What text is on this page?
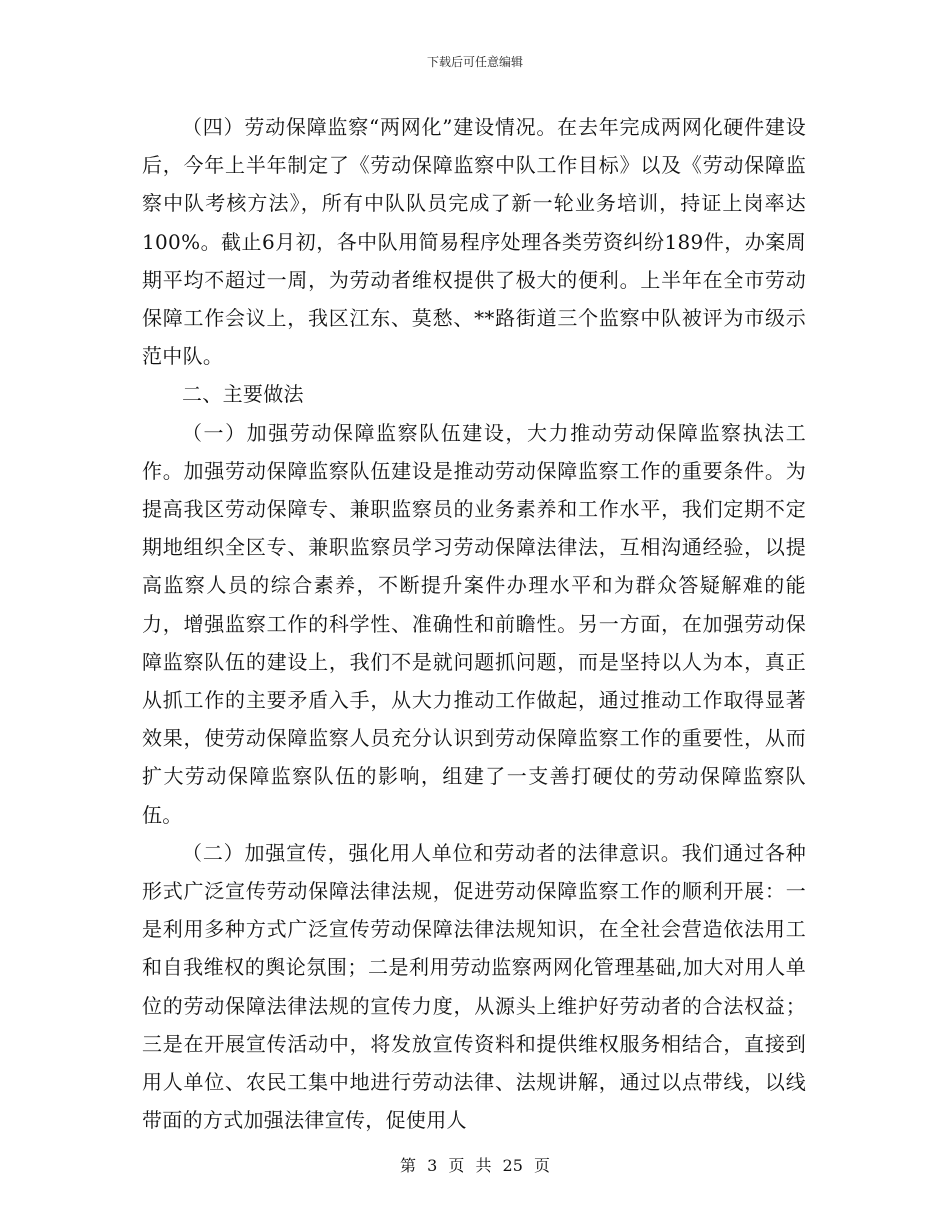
下载后可任意编辑

（四）劳动保障监察“两网化”建设情况。在去年完成两网化硬件建设后，今年上半年制定了《劳动保障监察中队工作目标》以及《劳动保障监察中队考核方法》，所有中队队员完成了新一轮业务培训，持证上岗率达100%。截止6月初，各中队用简易程序处理各类劳资纠纷189件，办案周期平均不超过一周，为劳动者维权提供了极大的便利。上半年在全市劳动保障工作会议上，我区江东、莫愁、**路街道三个监察中队被评为市级示范中队。

二、主要做法

（一）加强劳动保障监察队伍建设，大力推动劳动保障监察执法工作。加强劳动保障监察队伍建设是推动劳动保障监察工作的重要条件。为提高我区劳动保障专、兼职监察员的业务素养和工作水平，我们定期不定期地组织全区专、兼职监察员学习劳动保障法律法，互相沟通经验，以提高监察人员的综合素养，不断提升案件办理水平和为群众答疑解难的能力，增强监察工作的科学性、准确性和前瞻性。另一方面，在加强劳动保障监察队伍的建设上，我们不是就问题抓问题，而是坚持以人为本，真正从抓工作的主要矛盾入手，从大力推动工作做起，通过推动工作取得显著效果，使劳动保障监察人员充分认识到劳动保障监察工作的重要性，从而扩大劳动保障监察队伍的影响，组建了一支善打硬仗的劳动保障监察队伍。

（二）加强宣传，强化用人单位和劳动者的法律意识。我们通过各种形式广泛宣传劳动保障法律法规，促进劳动保障监察工作的顺利开展：一是利用多种方式广泛宣传劳动保障法律法规知识，在全社会营造依法用工和自我维权的舆论氛围；二是利用劳动监察两网化管理基础,加大对用人单位的劳动保障法律法规的宣传力度，从源头上维护好劳动者的合法权益；三是在开展宣传活动中，将发放宣传资料和提供维权服务相结合，直接到用人单位、农民工集中地进行劳动法律、法规讲解，通过以点带线，以线带面的方式加强法律宣传，促使用人

第 3 页 共 25 页
